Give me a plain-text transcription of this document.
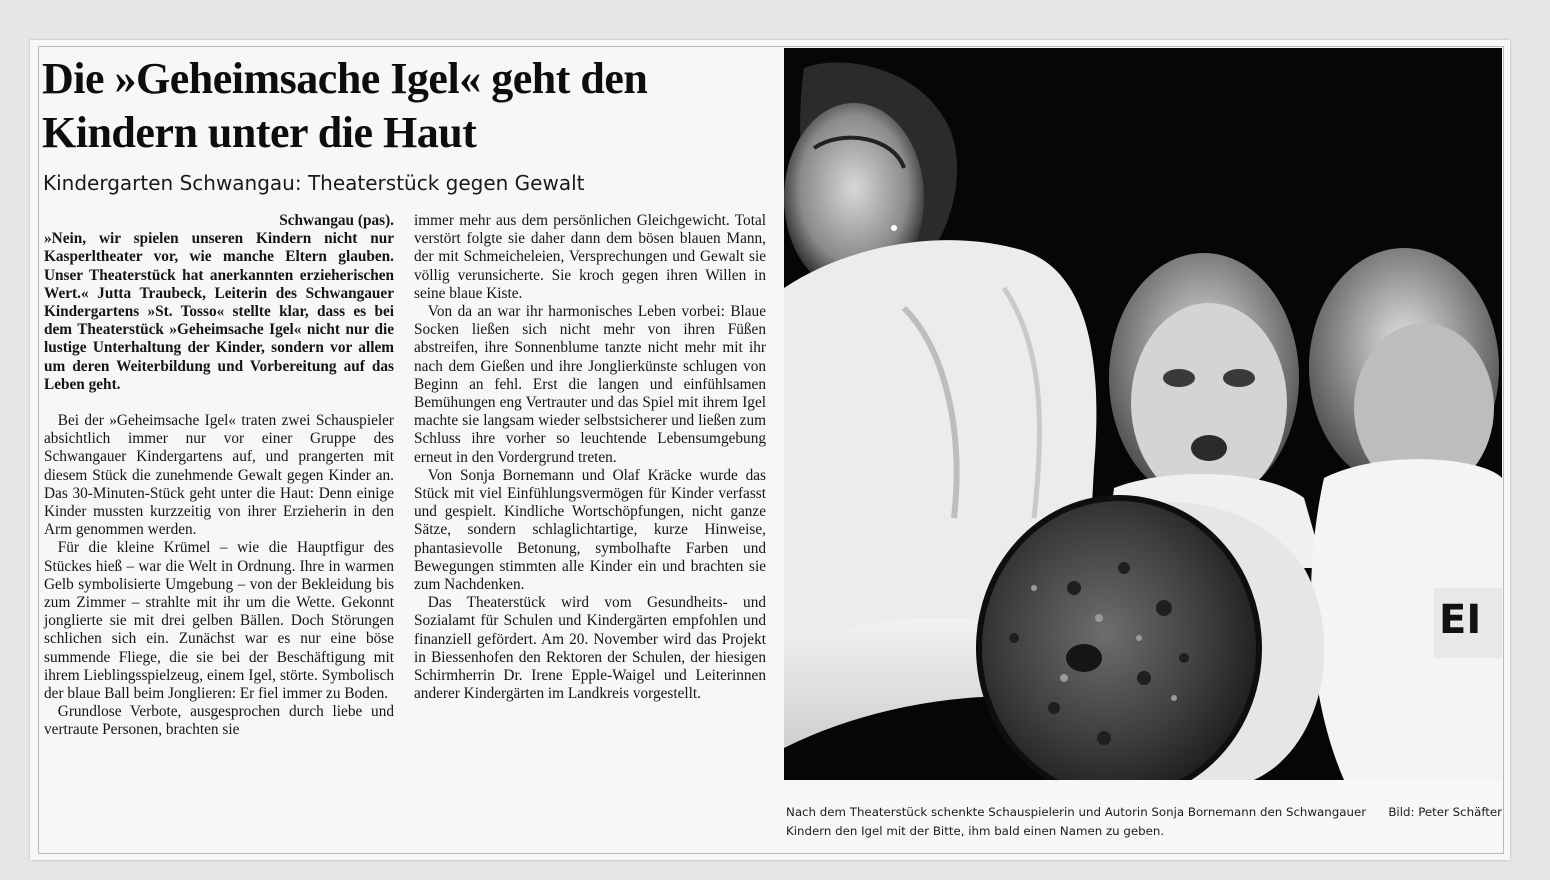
Die »Geheimsache Igel« geht den Kindern unter die Haut
Kindergarten Schwangau: Theaterstück gegen Gewalt

Schwangau (pas).

»Nein, wir spielen unseren Kindern nicht nur Kasperltheater vor, wie manche Eltern glauben. Unser Theaterstück hat anerkannten erzieherischen Wert.« Jutta Traubeck, Leiterin des Schwangauer Kindergartens »St. Tosso« stellte klar, dass es bei dem Theaterstück »Geheimsache Igel« nicht nur die lustige Unterhaltung der Kinder, sondern vor allem um deren Weiterbildung und Vorbereitung auf das Leben geht.

Bei der »Geheimsache Igel« traten zwei Schauspieler absichtlich immer nur vor einer Gruppe des Schwangauer Kindergartens auf, und prangerten mit diesem Stück die zunehmende Gewalt gegen Kinder an. Das 30-Minuten-Stück geht unter die Haut: Denn einige Kinder mussten kurzzeitig von ihrer Erzieherin in den Arm genommen werden.

Für die kleine Krümel – wie die Hauptfigur des Stückes hieß – war die Welt in Ordnung. Ihre in warmen Gelb symbolisierte Umgebung – von der Bekleidung bis zum Zimmer – strahlte mit ihr um die Wette. Gekonnt jonglierte sie mit drei gelben Bällen. Doch Störungen schlichen sich ein. Zunächst war es nur eine böse summende Fliege, die sie bei der Beschäftigung mit ihrem Lieblingsspielzeug, einem Igel, störte. Symbolisch der blaue Ball beim Jonglieren: Er fiel immer zu Boden.

Grundlose Verbote, ausgesprochen durch liebe und vertraute Personen, brachten sie

immer mehr aus dem persönlichen Gleichgewicht. Total verstört folgte sie daher dann dem bösen blauen Mann, der mit Schmeicheleien, Versprechungen und Gewalt sie völlig verunsicherte. Sie kroch gegen ihren Willen in seine blaue Kiste.

Von da an war ihr harmonisches Leben vorbei: Blaue Socken ließen sich nicht mehr von ihren Füßen abstreifen, ihre Sonnenblume tanzte nicht mehr mit ihr nach dem Gießen und ihre Jonglierkünste schlugen von Beginn an fehl. Erst die langen und einfühlsamen Bemühungen eng Vertrauter und das Spiel mit ihrem Igel machte sie langsam wieder selbstsicherer und ließen zum Schluss ihre vorher so leuchtende Lebensumgebung erneut in den Vordergrund treten.

Von Sonja Bornemann und Olaf Kräcke wurde das Stück mit viel Einfühlungsvermögen für Kinder verfasst und gespielt. Kindliche Wortschöpfungen, nicht ganze Sätze, sondern schlaglichtartige, kurze Hinweise, phantasievolle Betonung, symbolhafte Farben und Bewegungen stimmten alle Kinder ein und brachten sie zum Nachdenken.

Das Theaterstück wird vom Gesundheits- und Sozialamt für Schulen und Kindergärten empfohlen und finanziell gefördert. Am 20. November wird das Projekt in Biessenhofen den Rektoren der Schulen, der hiesigen Schirmherrin Dr. Irene Epple-Waigel und Leiterinnen anderer Kindergärten im Landkreis vorgestellt.

EI
Bild: Peter Schäfter
Nach dem Theaterstück schenkte Schauspielerin und Autorin Sonja Bornemann den Schwangauer Kindern den Igel mit der Bitte, ihm bald einen Namen zu geben.
